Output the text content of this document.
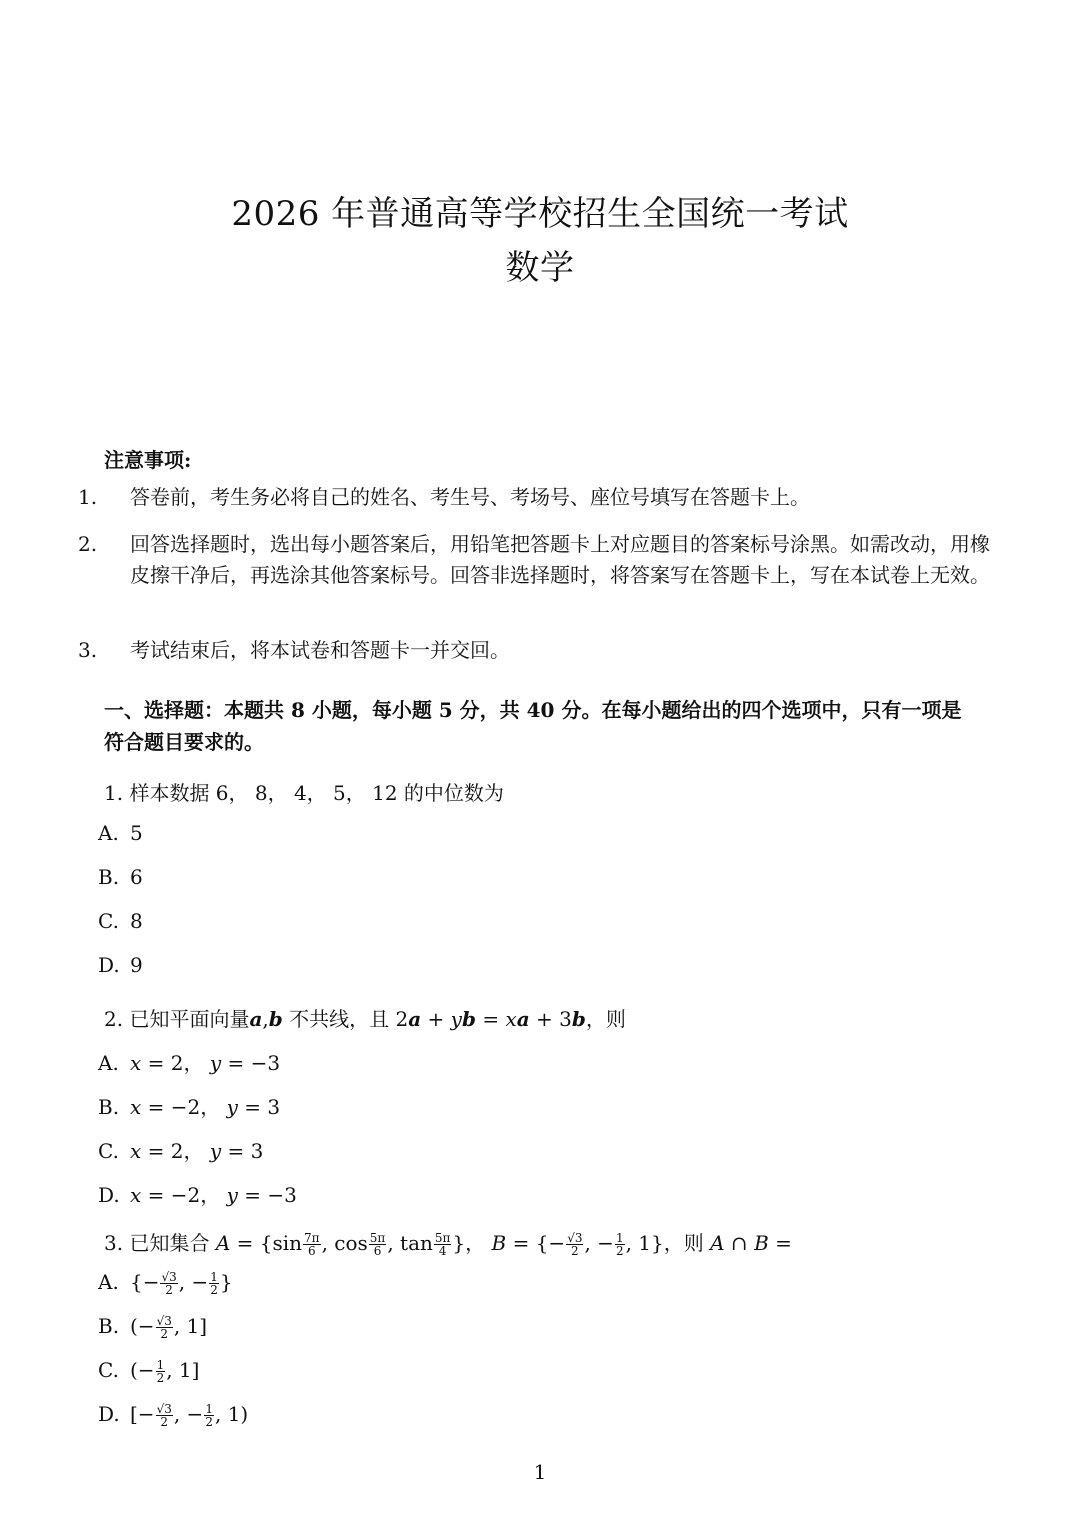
2026 年普通高等学校招生全国统一考试
数学
注意事项:
1. 答卷前，考生务必将自己的姓名、考生号、考场号、座位号填写在答题卡上。
2. 回答选择题时，选出每小题答案后，用铅笔把答题卡上对应题目的答案标号涂黑。如需改动，用橡皮擦干净后，再选涂其他答案标号。回答非选择题时，将答案写在答题卡上，写在本试卷上无效。
3. 考试结束后，将本试卷和答题卡一并交回。
一、选择题：本题共 8 小题，每小题 5 分，共 40 分。在每小题给出的四个选项中，只有一项是符合题目要求的。
1. 样本数据 6， 8， 4， 5， 12 的中位数为
A. 5
B. 6
C. 8
D. 9
2. 已知平面向量a,b 不共线，且 2a + yb = xa + 3b，则
A. x = 2， y = −3
B. x = −2， y = 3
C. x = 2， y = 3
D. x = −2， y = −3
3. 已知集合 $A = \{\sin \frac{7\pi}{6}$ , $\cos \frac{5\pi}{6}$ , $\tan \frac{5\pi}{4}$ }， B = {− $\frac{√3}{2}$ , − $\frac{1}{2}$ , 1}，则 A ∩ B =
A. {− $\frac{√3}{2}$ , − $\frac{1}{2}$ }
B. (− $\frac{√3}{2}$ , 1]
C. (− $\frac{1}{2}$ , 1]
D. [− $\frac{√3}{2}$ , − $\frac{1}{2}$ , 1)
1
